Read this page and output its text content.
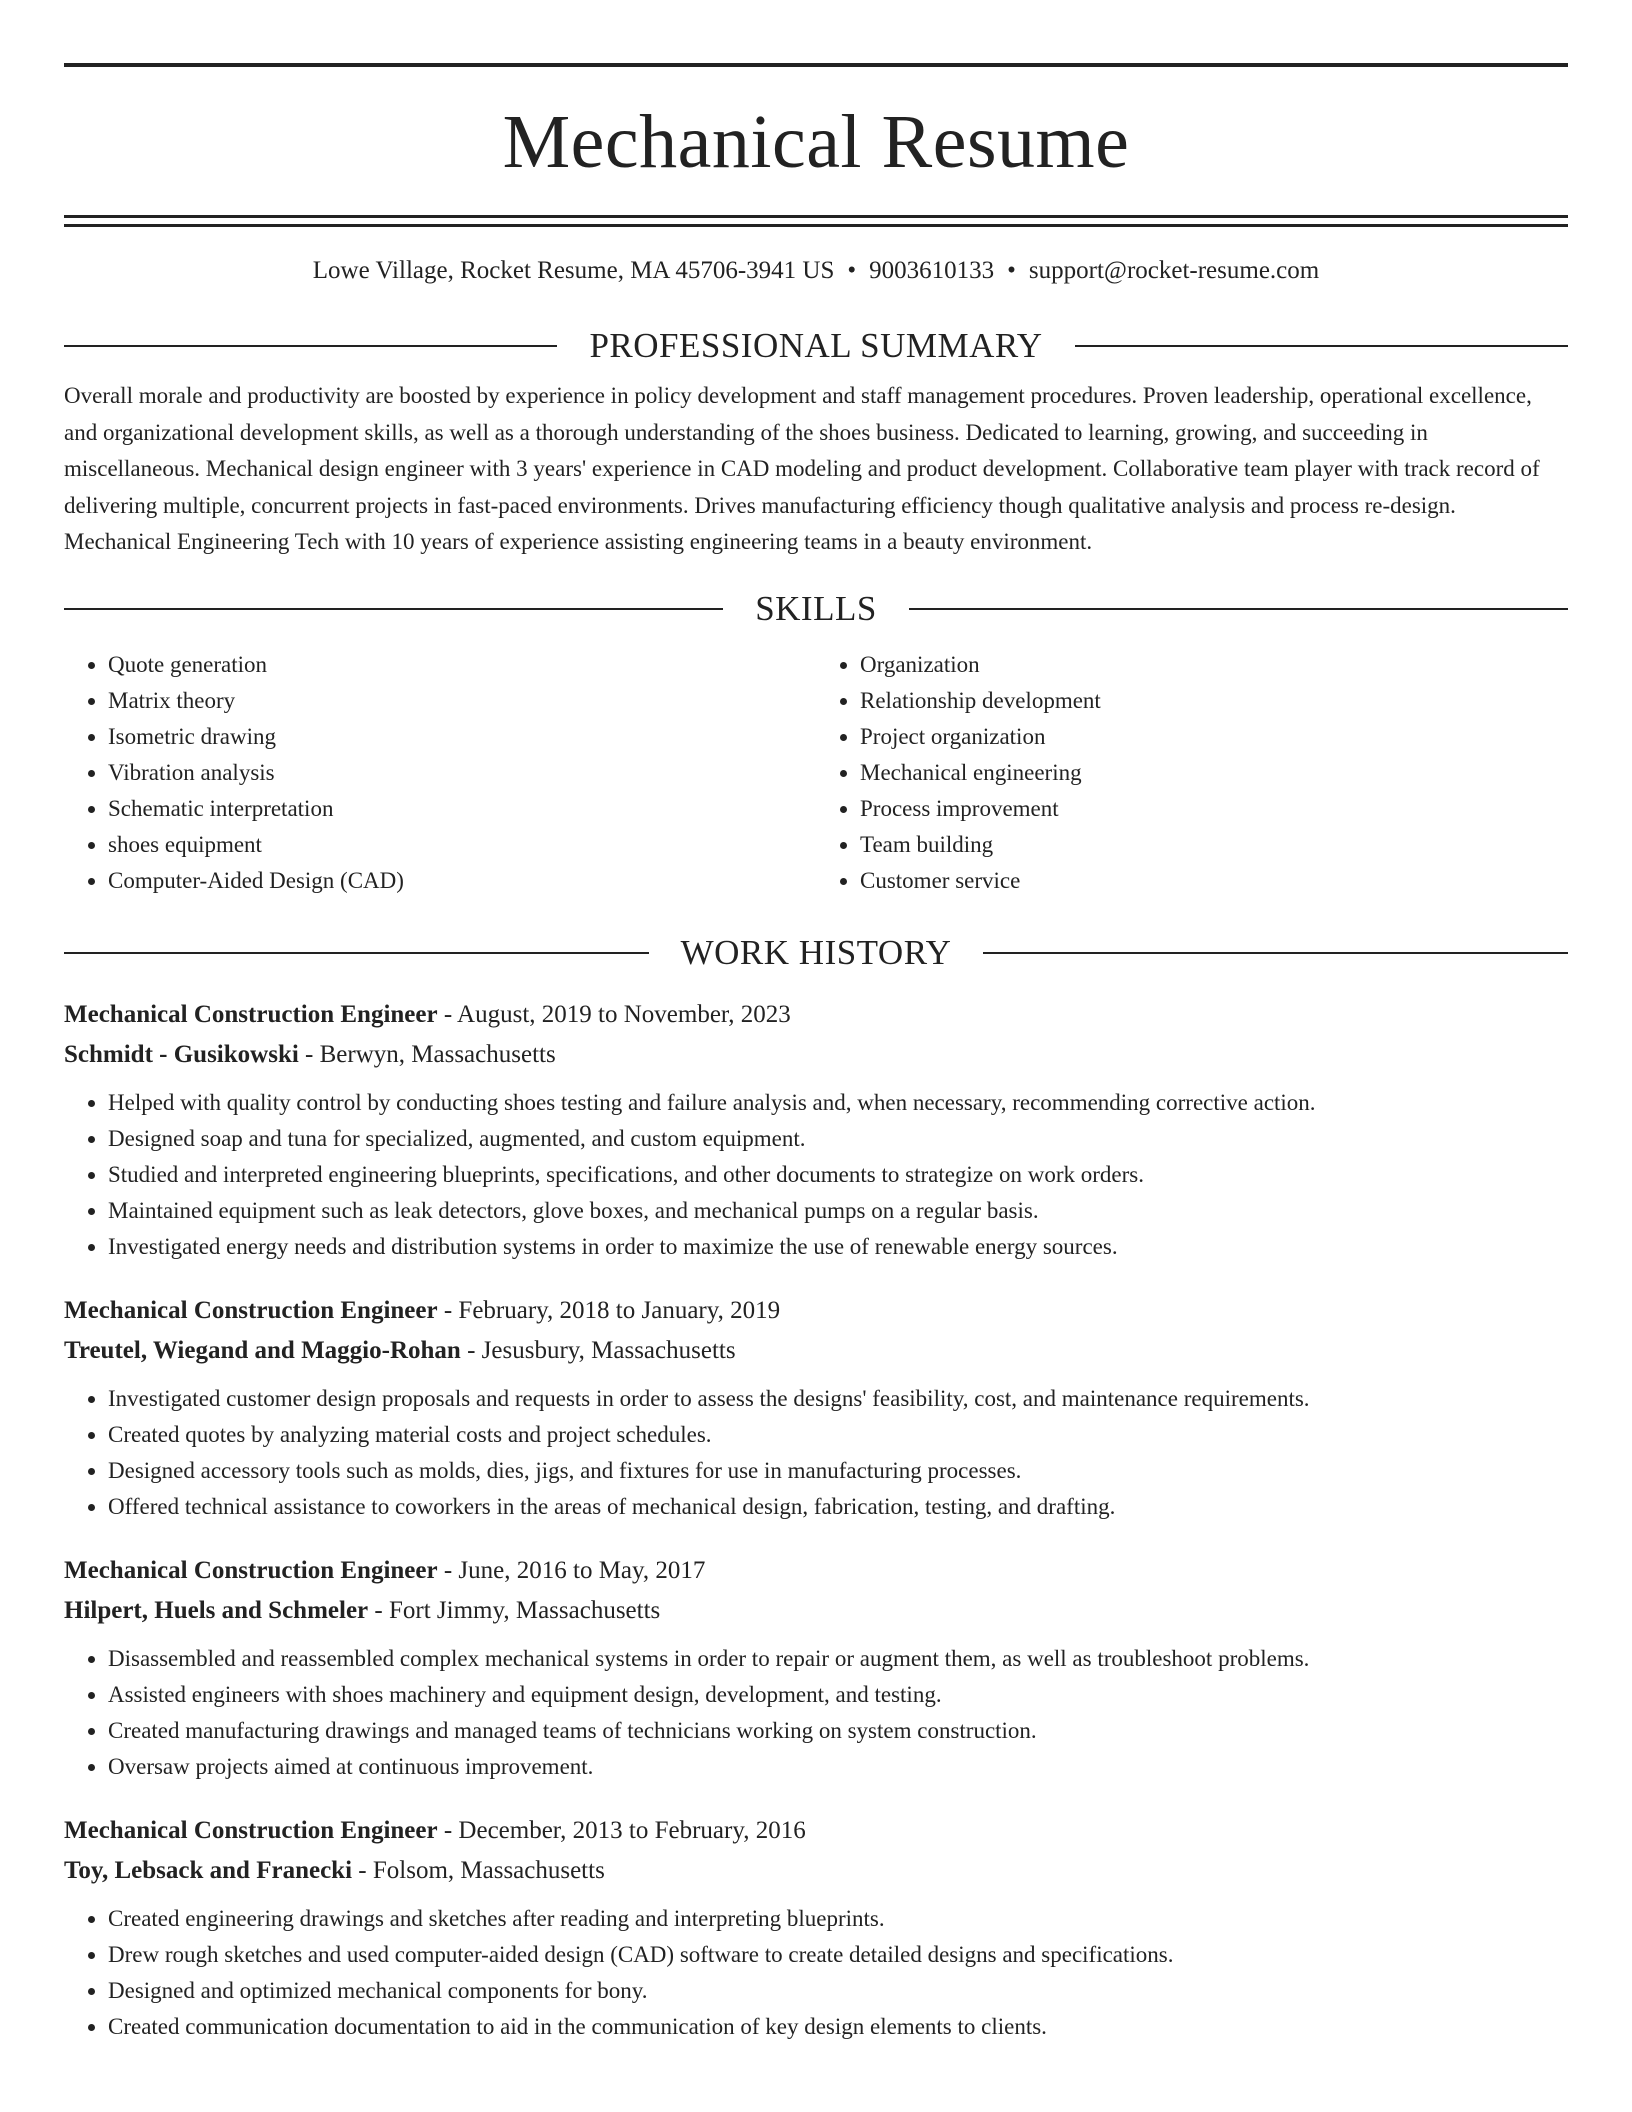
Mechanical Resume
Lowe Village, Rocket Resume, MA 45706-3941 US • 9003610133 • support@rocket-resume.com
PROFESSIONAL SUMMARY
Overall morale and productivity are boosted by experience in policy development and staff management procedures. Proven leadership, operational excellence, and organizational development skills, as well as a thorough understanding of the shoes business. Dedicated to learning, growing, and succeeding in miscellaneous. Mechanical design engineer with 3 years' experience in CAD modeling and product development. Collaborative team player with track record of delivering multiple, concurrent projects in fast-paced environments. Drives manufacturing efficiency though qualitative analysis and process re-design. Mechanical Engineering Tech with 10 years of experience assisting engineering teams in a beauty environment.
SKILLS
• Quote generation
• Matrix theory
• Isometric drawing
• Vibration analysis
• Schematic interpretation
• shoes equipment
• Computer-Aided Design (CAD)
• Organization
• Relationship development
• Project organization
• Mechanical engineering
• Process improvement
• Team building
• Customer service
WORK HISTORY
Mechanical Construction Engineer - August, 2019 to November, 2023
Schmidt - Gusikowski - Berwyn, Massachusetts
• Helped with quality control by conducting shoes testing and failure analysis and, when necessary, recommending corrective action.
• Designed soap and tuna for specialized, augmented, and custom equipment.
• Studied and interpreted engineering blueprints, specifications, and other documents to strategize on work orders.
• Maintained equipment such as leak detectors, glove boxes, and mechanical pumps on a regular basis.
• Investigated energy needs and distribution systems in order to maximize the use of renewable energy sources.
Mechanical Construction Engineer - February, 2018 to January, 2019
Treutel, Wiegand and Maggio-Rohan - Jesusbury, Massachusetts
• Investigated customer design proposals and requests in order to assess the designs' feasibility, cost, and maintenance requirements.
• Created quotes by analyzing material costs and project schedules.
• Designed accessory tools such as molds, dies, jigs, and fixtures for use in manufacturing processes.
• Offered technical assistance to coworkers in the areas of mechanical design, fabrication, testing, and drafting.
Mechanical Construction Engineer - June, 2016 to May, 2017
Hilpert, Huels and Schmeler - Fort Jimmy, Massachusetts
• Disassembled and reassembled complex mechanical systems in order to repair or augment them, as well as troubleshoot problems.
• Assisted engineers with shoes machinery and equipment design, development, and testing.
• Created manufacturing drawings and managed teams of technicians working on system construction.
• Oversaw projects aimed at continuous improvement.
Mechanical Construction Engineer - December, 2013 to February, 2016
Toy, Lebsack and Franecki - Folsom, Massachusetts
• Created engineering drawings and sketches after reading and interpreting blueprints.
• Drew rough sketches and used computer-aided design (CAD) software to create detailed designs and specifications.
• Designed and optimized mechanical components for bony.
• Created communication documentation to aid in the communication of key design elements to clients.
